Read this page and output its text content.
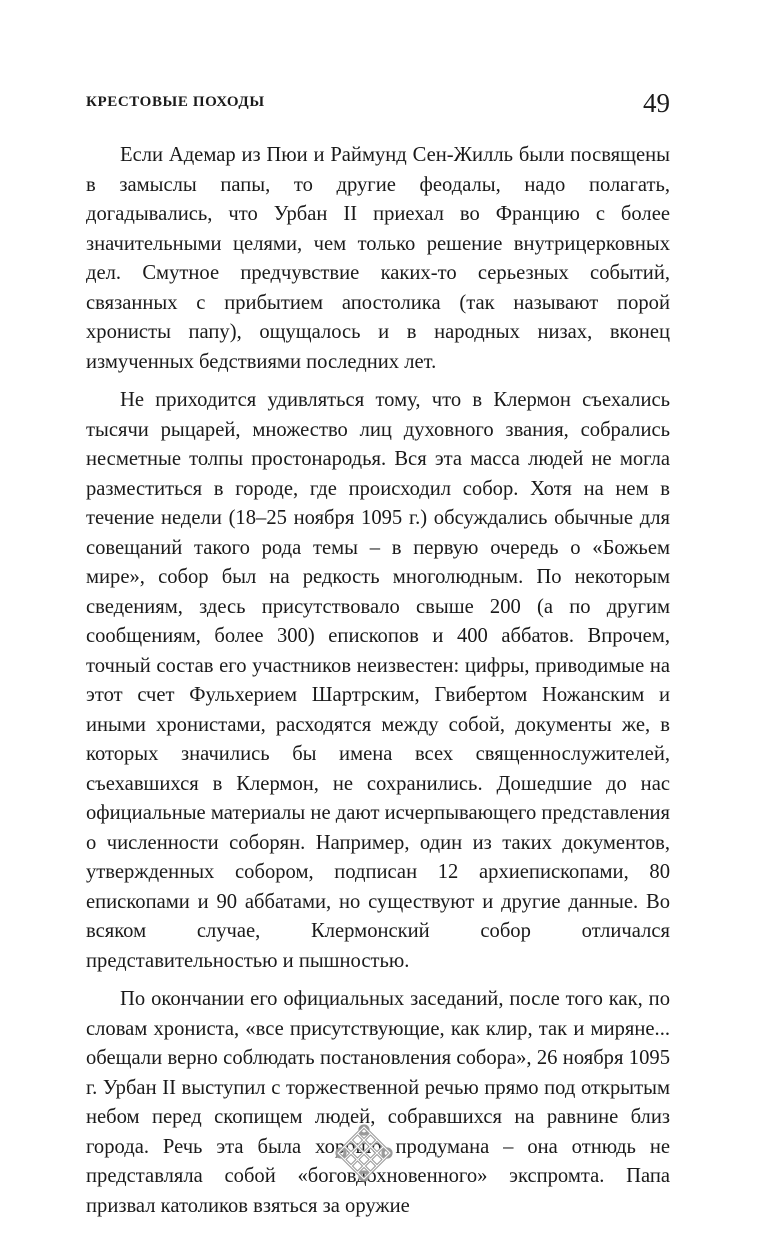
КРЕСТОВЫЕ ПОХОДЫ	49

Если Адемар из Пюи и Раймунд Сен-Жилль были посвящены в замыслы папы, то другие феодалы, надо полагать, догадывались, что Урбан II приехал во Францию с более значительными целями, чем только решение внутрицерковных дел. Смутное предчувствие каких-то серьезных событий, связанных с прибытием апостолика (так называют порой хронисты папу), ощущалось и в народных низах, вконец измученных бедствиями последних лет.

Не приходится удивляться тому, что в Клермон съехались тысячи рыцарей, множество лиц духовного звания, собрались несметные толпы простонародья. Вся эта масса людей не могла разместиться в городе, где происходил собор. Хотя на нем в течение недели (18–25 ноября 1095 г.) обсуждались обычные для совещаний такого рода темы – в первую очередь о «Божьем мире», собор был на редкость многолюдным. По некоторым сведениям, здесь присутствовало свыше 200 (а по другим сообщениям, более 300) епископов и 400 аббатов. Впрочем, точный состав его участников неизвестен: цифры, приводимые на этот счет Фульхерием Шартрским, Гвибертом Ножанским и иными хронистами, расходятся между собой, документы же, в которых значились бы имена всех священнослужителей, съехавшихся в Клермон, не сохранились. Дошедшие до нас официальные материалы не дают исчерпывающего представления о численности соборян. Например, один из таких документов, утвержденных собором, подписан 12 архиепископами, 80 епископами и 90 аббатами, но существуют и другие данные. Во всяком случае, Клермонский собор отличался представительностью и пышностью.

По окончании его официальных заседаний, после того как, по словам хрониста, «все присутствующие, как клир, так и миряне... обещали верно соблюдать постановления собора», 26 ноября 1095 г. Урбан II выступил с торжественной речью прямо под открытым небом перед скопищем людей, собравшихся на равнине близ города. Речь эта была хорошо продумана – она отнюдь не представляла собой «боговдохновенного» экспромта. Папа призвал католиков взяться за оружие
